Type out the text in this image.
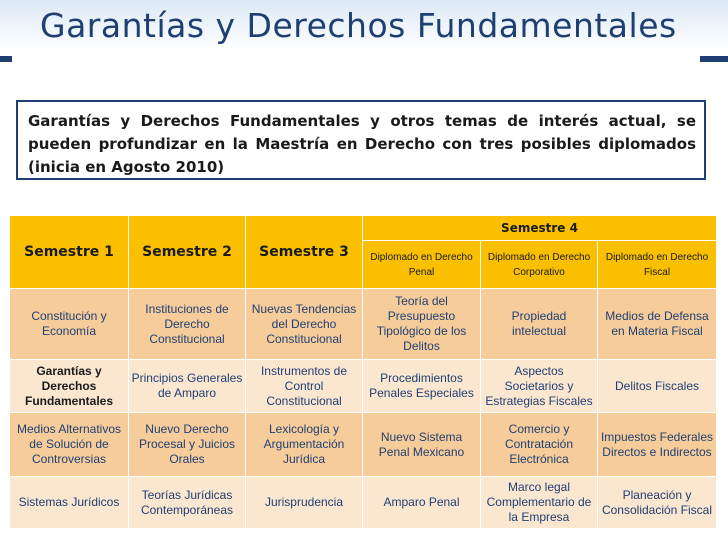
Garantías y Derechos Fundamentales

Garantías y Derechos Fundamentales y otros temas de interés actual, se pueden profundizar en la Maestría en Derecho con tres posibles diplomados (inicia en Agosto 2010)

Semestre 1	Semestre 2	Semestre 3	Semestre 4		
			Diplomado en Derecho Penal	Diplomado en Derecho Corporativo	Diplomado en Derecho Fiscal
Constitución y Economía	Instituciones de Derecho Constitucional	Nuevas Tendencias del Derecho Constitucional	Teoría del Presupuesto Tipológico de los Delitos	Propiedad intelectual	Medios de Defensa en Materia Fiscal
Garantías y Derechos Fundamentales	Principios Generales de Amparo	Instrumentos de Control Constitucional	Procedimientos Penales Especiales	Aspectos Societarios y Estrategias Fiscales	Delitos Fiscales
Medios Alternativos de Solución de Controversias	Nuevo Derecho Procesal y Juicios Orales	Lexicología y Argumentación Jurídica	Nuevo Sistema Penal Mexicano	Comercio y Contratación Electrónica	Impuestos Federales Directos e Indirectos
Sistemas Jurídicos	Teorías Jurídicas Contemporáneas	Jurisprudencia	Amparo Penal	Marco legal Complementario de la Empresa	Planeación y Consolidación Fiscal
